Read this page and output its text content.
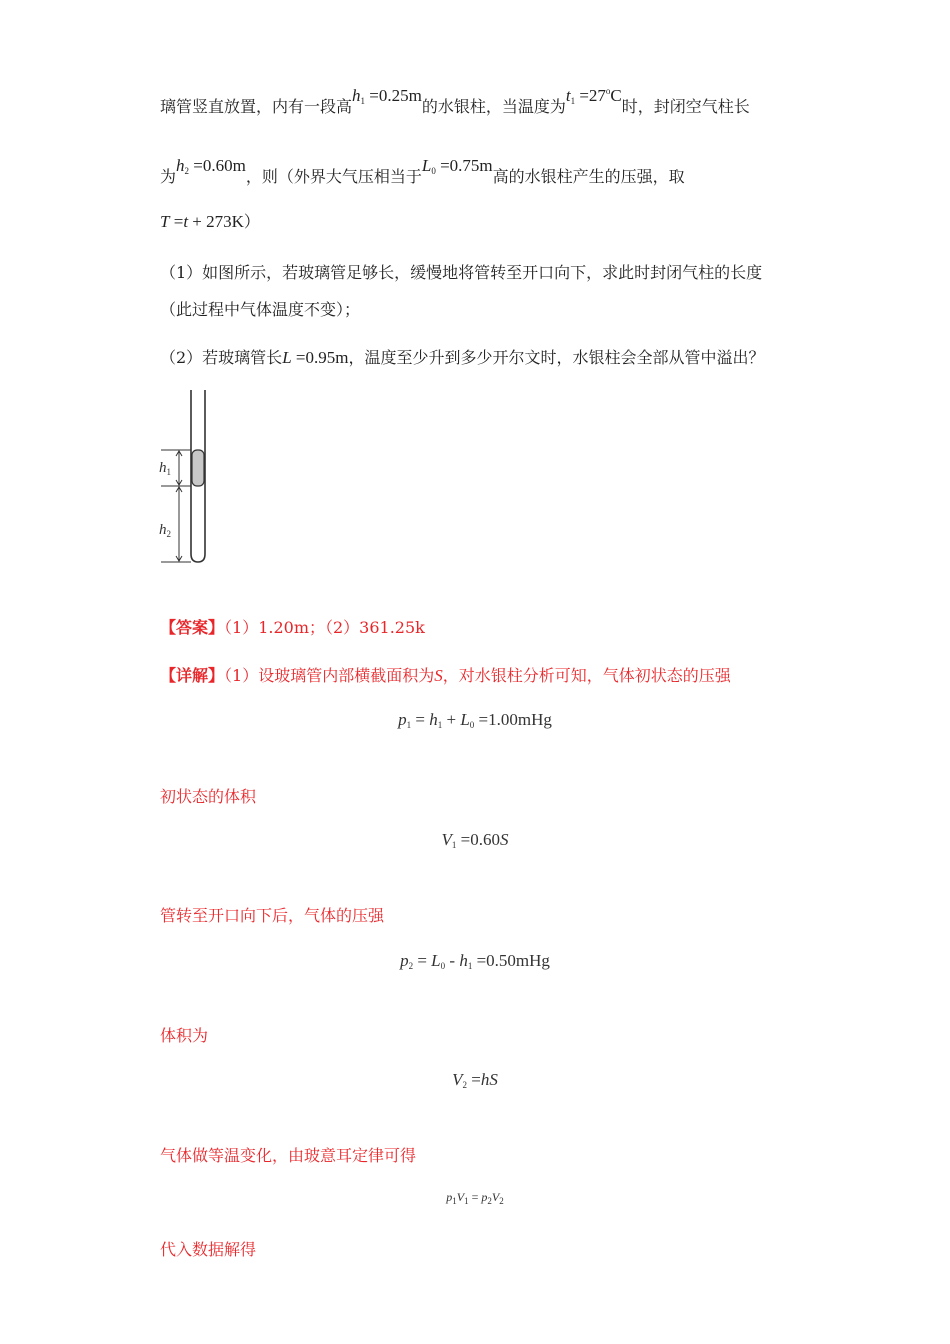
璃管竖直放置，内有一段高$h_1 =0.25m$的水银柱，当温度为$t_1 =27^oC$时，封闭空气柱长
为$h_2 =0.60m$，则（外界大气压相当于$L_0 =0.75m$高的水银柱产生的压强，取
T =t + 273K）
（1）如图所示，若玻璃管足够长，缓慢地将管转至开口向下，求此时封闭气柱的长度
（此过程中气体温度不变）；
（2）若玻璃管长L =0.95m，温度至少升到多少开尔文时，水银柱会全部从管中溢出？
$h_1$
$h_2$
【答案】（1）1.20m；（2）361.25k
【详解】（1）设玻璃管内部横截面积为S，对水银柱分析可知，气体初状态的压强
$p_1 = h_1 + L_0 =1.00mHg$
初状态的体积
$V_1 =0.60S$
管转至开口向下后，气体的压强
$p_2 = L_0 - h_1 =0.50mHg$
体积为
$V_2 =hS$
气体做等温变化，由玻意耳定律可得
$p_1V_1 = p_2V_2$
代入数据解得
